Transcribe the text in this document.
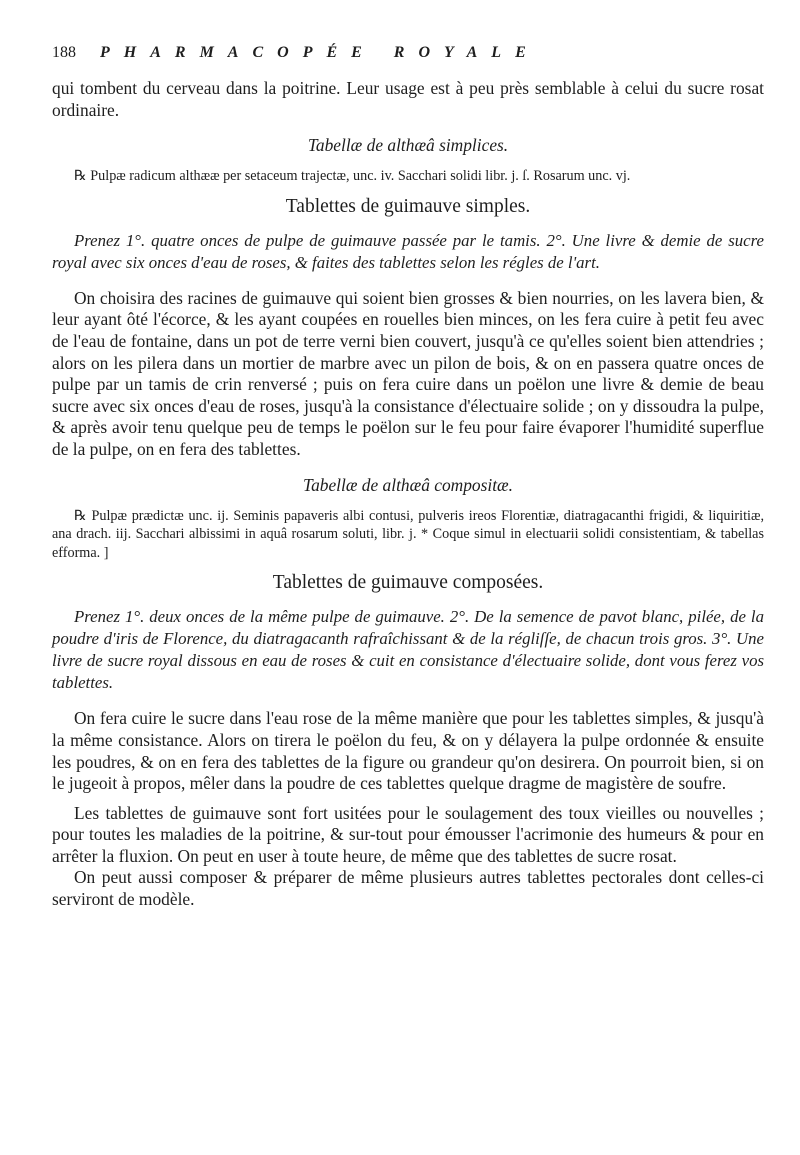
188	PHARMACOPÉE ROYALE

qui tombent du cerveau dans la poitrine. Leur usage est à peu près semblable à celui du sucre rosat ordinaire.

Tabellæ de althæâ simplices.

℞ Pulpæ radicum althææ per setaceum trajectæ, unc. iv. Sacchari solidi libr. j. ſ. Rosarum unc. vj.

Tablettes de guimauve simples.

Prenez 1°. quatre onces de pulpe de guimauve passée par le tamis. 2°. Une livre & demie de sucre royal avec six onces d'eau de roses, & faites des tablettes selon les régles de l'art.

On choisira des racines de guimauve qui soient bien grosses & bien nourries, on les lavera bien, & leur ayant ôté l'écorce, & les ayant coupées en rouelles bien minces, on les fera cuire à petit feu avec de l'eau de fontaine, dans un pot de terre verni bien couvert, jusqu'à ce qu'elles soient bien attendries ; alors on les pilera dans un mortier de marbre avec un pilon de bois, & on en passera quatre onces de pulpe par un tamis de crin renversé ; puis on fera cuire dans un poëlon une livre & demie de beau sucre avec six onces d'eau de roses, jusqu'à la consistance d'électuaire solide ; on y dissoudra la pulpe, & après avoir tenu quelque peu de temps le poëlon sur le feu pour faire évaporer l'humidité superflue de la pulpe, on en fera des tablettes.

Tabellæ de althæâ compositæ.

℞ Pulpæ prædictæ unc. ij. Seminis papaveris albi contusi, pulveris ireos Florentiæ, diatragacanthi frigidi, & liquiritiæ, ana drach. iij. Sacchari albissimi in aquâ rosarum soluti, libr. j. * Coque simul in electuarii solidi consistentiam, & tabellas efforma. ]

Tablettes de guimauve composées.

Prenez 1°. deux onces de la même pulpe de guimauve. 2°. De la semence de pavot blanc, pilée, de la poudre d'iris de Florence, du diatragacanth rafraîchissant & de la régliſſe, de chacun trois gros. 3°. Une livre de sucre royal dissous en eau de roses & cuit en consistance d'électuaire solide, dont vous ferez vos tablettes.

On fera cuire le sucre dans l'eau rose de la même manière que pour les tablettes simples, & jusqu'à la même consistance. Alors on tirera le poëlon du feu, & on y délayera la pulpe ordonnée & ensuite les poudres, & on en fera des tablettes de la figure ou grandeur qu'on desirera. On pourroit bien, si on le jugeoit à propos, mêler dans la poudre de ces tablettes quelque dragme de magistère de soufre.

Les tablettes de guimauve sont fort usitées pour le soulagement des toux vieilles ou nouvelles ; pour toutes les maladies de la poitrine, & sur-tout pour émousser l'acrimonie des humeurs & pour en arrêter la fluxion. On peut en user à toute heure, de même que des tablettes de sucre rosat.

On peut aussi composer & préparer de même plusieurs autres tablettes pectorales dont celles-ci serviront de modèle.
